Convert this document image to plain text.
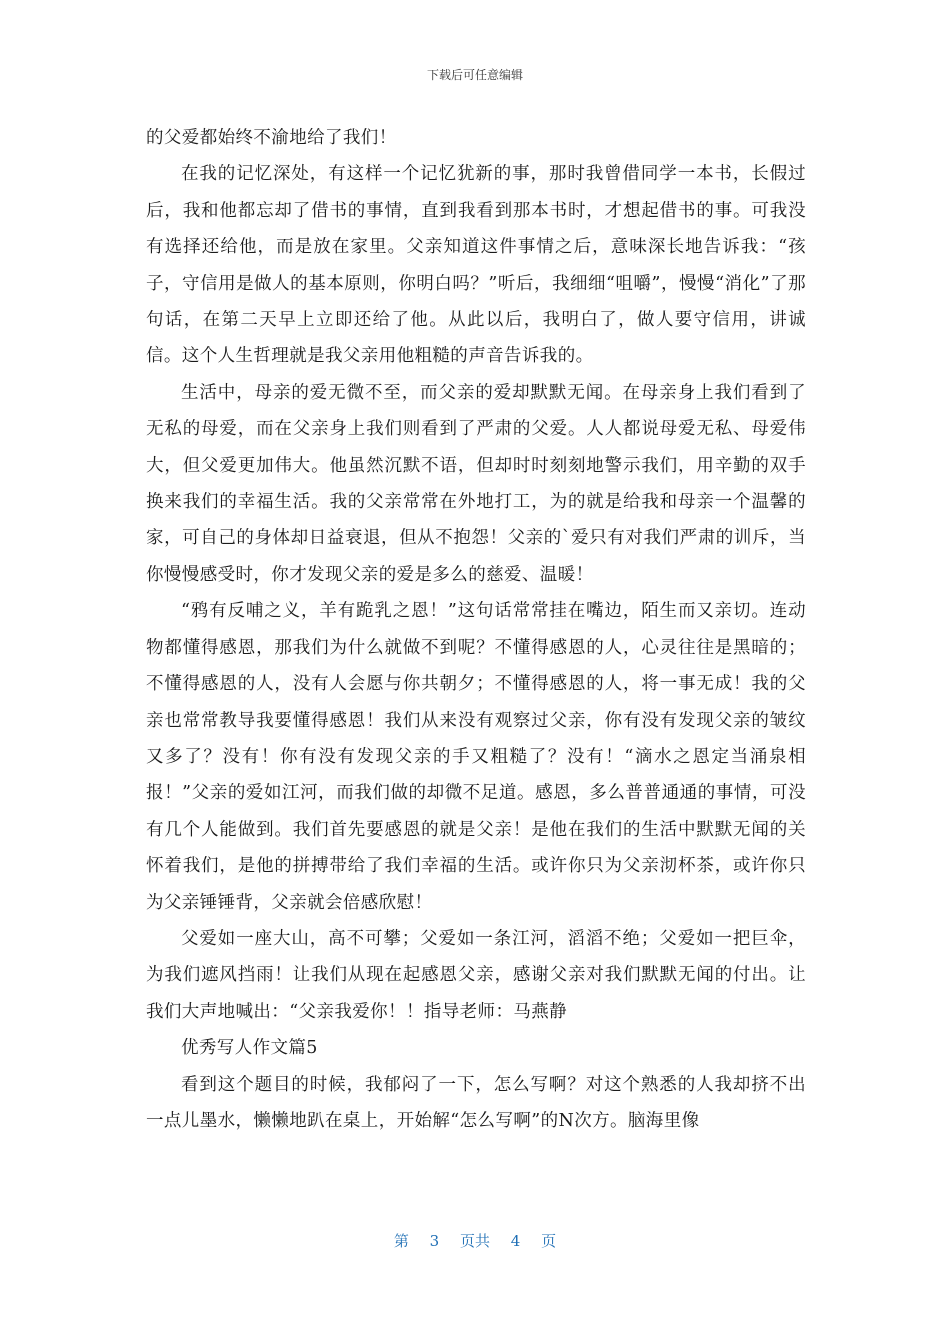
下载后可任意编辑

的父爱都始终不渝地给了我们！

在我的记忆深处，有这样一个记忆犹新的事，那时我曾借同学一本书，长假过后，我和他都忘却了借书的事情，直到我看到那本书时，才想起借书的事。可我没有选择还给他，而是放在家里。父亲知道这件事情之后，意味深长地告诉我：“孩子，守信用是做人的基本原则，你明白吗？”听后，我细细“咀嚼”，慢慢“消化”了那句话，在第二天早上立即还给了他。从此以后，我明白了，做人要守信用，讲诚信。这个人生哲理就是我父亲用他粗糙的声音告诉我的。

生活中，母亲的爱无微不至，而父亲的爱却默默无闻。在母亲身上我们看到了无私的母爱，而在父亲身上我们则看到了严肃的父爱。人人都说母爱无私、母爱伟大，但父爱更加伟大。他虽然沉默不语，但却时时刻刻地警示我们，用辛勤的双手换来我们的幸福生活。我的父亲常常在外地打工，为的就是给我和母亲一个温馨的家，可自己的身体却日益衰退，但从不抱怨！父亲的`爱只有对我们严肃的训斥，当你慢慢感受时，你才发现父亲的爱是多么的慈爱、温暖！

“鸦有反哺之义，羊有跪乳之恩！”这句话常常挂在嘴边，陌生而又亲切。连动物都懂得感恩，那我们为什么就做不到呢？不懂得感恩的人，心灵往往是黑暗的；不懂得感恩的人，没有人会愿与你共朝夕；不懂得感恩的人，将一事无成！我的父亲也常常教导我要懂得感恩！我们从来没有观察过父亲，你有没有发现父亲的皱纹又多了？没有！你有没有发现父亲的手又粗糙了？没有！“滴水之恩定当涌泉相报！”父亲的爱如江河，而我们做的却微不足道。感恩，多么普普通通的事情，可没有几个人能做到。我们首先要感恩的就是父亲！是他在我们的生活中默默无闻的关怀着我们，是他的拼搏带给了我们幸福的生活。或许你只为父亲沏杯茶，或许你只为父亲锤锤背，父亲就会倍感欣慰！

父爱如一座大山，高不可攀；父爱如一条江河，滔滔不绝；父爱如一把巨伞，为我们遮风挡雨！让我们从现在起感恩父亲，感谢父亲对我们默默无闻的付出。让我们大声地喊出：“父亲我爱你！！指导老师：马燕静

优秀写人作文篇5

看到这个题目的时候，我郁闷了一下，怎么写啊？对这个熟悉的人我却挤不出一点儿墨水，懒懒地趴在桌上，开始解“怎么写啊”的N次方。脑海里像

第 3 页共 4 页
